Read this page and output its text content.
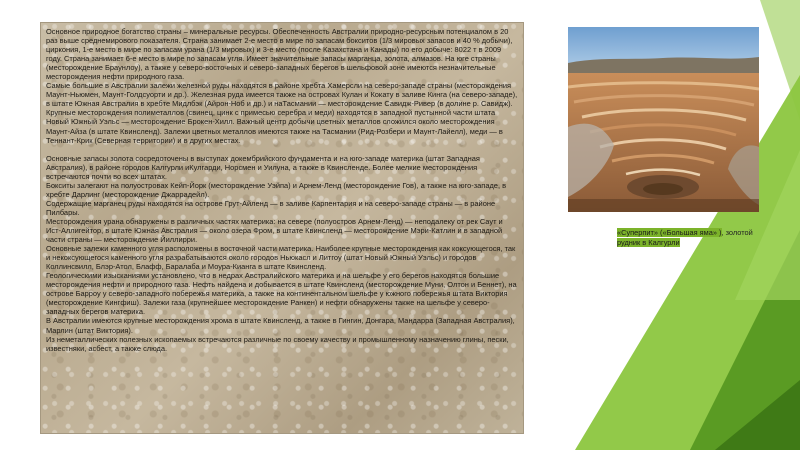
Основное природное богатство страны – минеральные ресурсы. Обеспеченность Австралии природно-ресурсным потенциалом в 20 раз выше среднемирового показателя. Страна занимает 2-е место в мире по запасам бокситов (1/3 мировых запасов и 40 % добычи), циркония, 1-е место в мире по запасам урана (1/3 мировых) и 3-е место (после Казахстана и Канады) по его добыче: 8022 т в 2009 году. Страна занимает 6-е место в мире по запасам угля. Имеет значительные запасы марганца, золота, алмазов. На юге страны (месторождение Браунлоу), а также у северо-восточных и северо-западных берегов в шельфовой зоне имеются незначительные месторождения нефти природного газа.

Самые большие в Австралии залежи железной руды находятся в районе хребта Хамерсли на северо-западе страны (месторождения Маунт-Ньюмен, Маунт-Голдсуорти и др.). Железная руда имеется также на островах Кулан и Кокату в заливе Кинга (на северо-западе), в штате Южная Австралия в хребте Мидлбэк (Айрон-Ноб и др.) и наТасмании — месторождение Савидж-Ривер (в долине р. Савидж).

Крупные месторождения полиметаллов (свинец, цинк с примесью серебра и меди) находятся в западной пустынной части штата Новый Южный Уэльс — месторождение Брокен-Хилл. Важный центр добычи цветных металлов сложился около месторождения Маунт-Айза (в штате Квинсленд). Залежи цветных металлов имеются также на Тасмании (Рид-Розбери и Маунт-Лайелл), меди — в Теннант-Крик (Северная территории) и в других местах.

Основные запасы золота сосредоточены в выступах докембрийского фундамента и на юго-западе материка (штат Западная Австралия), в районе городов Калгурли иКулгарди, Норсмен и Уилуна, а также в Квинсленде. Более мелкие месторождения встречаются почти во всех штатах.

Бокситы залегают на полуостровах Кейп-Йорк (месторождение Уэйпа) и Арнем-Ленд (месторождение Гов), а также на юго-западе, в хребте Дарлинг (месторождение Джаррадейл).

Содержащие марганец руды находятся на острове Грут-Айленд — в заливе Карпентария и на северо-западе страны — в районе Пилбары.

Месторождения урана обнаружены в различных частях материка: на севере (полуостров Арнем-Ленд) — неподалеку от рек Саут и Ист-Аллигейтор, в штате Южная Австралия — около озера Фром, в штате Квинсленд — месторождение Мэри-Катлин и в западной части страны — месторождение Йиллирри.

Основные залежи каменного угля расположены в восточной части материка. Наиболее крупные месторождения как коксующегося, так и некоксующегося каменного угля разрабатываются около городов Ньюкасл и Литгоу (штат Новый Южный Уэльс) и городов Коллинсвилл, Блэр-Атол, Блафф, Баралаба и Моура-Кианга в штате Квинсленд.

Геологическими изысканиями установлено, что в недрах Австралийского материка и на шельфе у его берегов находятся большие месторождения нефти и природного газа. Нефть найдена и добывается в штате Квинсленд (месторождение Муни, Олтон и Беннет), на острове Барроу у северо-западного побережья материка, а также на континентальном шельфе у южного побережья штата Виктория (месторождение Кингфиш). Залежи газа (крупнейшее месторождение Ранкен) и нефти обнаружены также на шельфе у северо-западных берегов материка.

В Австралии имеются крупные месторождения хрома в штате Квинсленд, а также в Гингин, Донгара, Мандарра (Западная Австралия), Марлин (штат Виктория).

Из неметаллических полезных ископаемых встречаются различные по своему качеству и промышленному назначению глины, пески, известняки, асбест, а также слюда.

«Суперпит» («Большая яма» ), золотой
рудник в Калгурли
